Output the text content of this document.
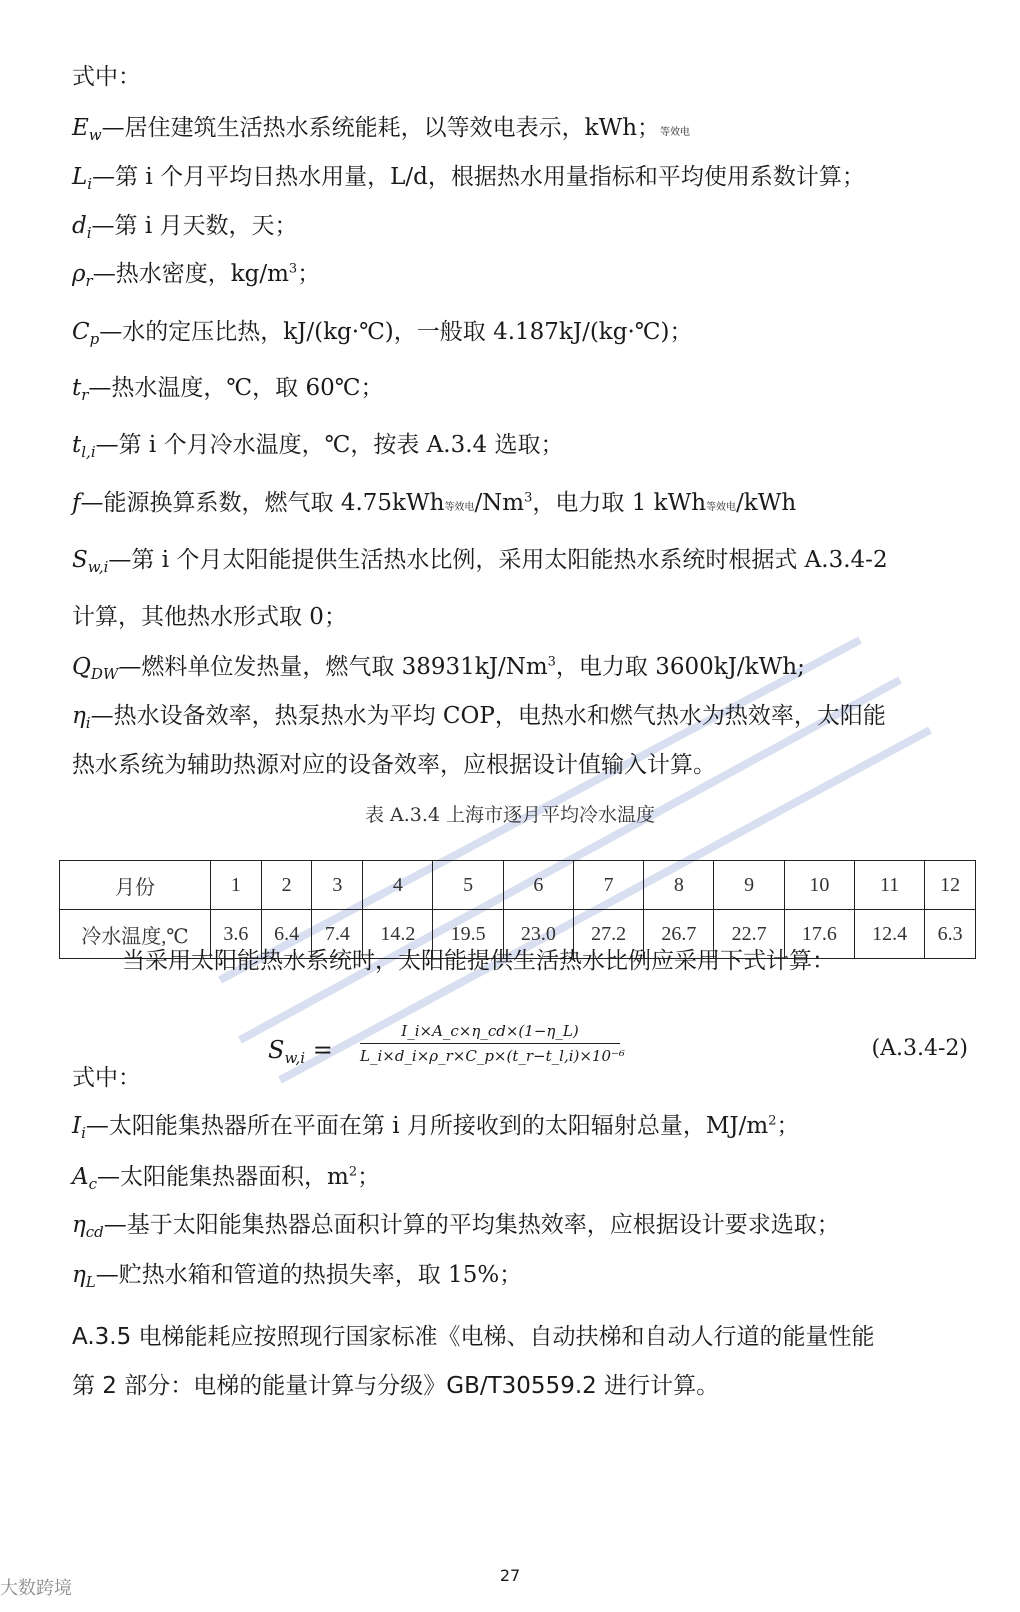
式中：
$E_w—$居住建筑生活热水系统能耗，以等效电表示，kWh；等效电
$L_i—$第 i 个月平均日热水用量，L/d，根据热水用量指标和平均使用系数计算；
$d_i—$第 i 月天数，天；
$\rho_r—$热水密度，$kg/m^3$；
$C_p—$水的定压比热，kJ/(kg·℃)，一般取 4.187kJ/(kg·℃)；
$t_r—$热水温度，℃，取 60℃；
$t_{l,i}—$第 i 个月冷水温度，℃，按表 A.3.4 选取；
f—能源换算系数，燃气取 4.75kWh等效电/Nm$^3$，电力取 1 kWh等效电/kWh
$S_{w,i}—$第 i 个月太阳能提供生活热水比例，采用太阳能热水系统时根据式 A.3.4-2
计算，其他热水形式取 0；
$Q_{DW}—$燃料单位发热量，燃气取 38931kJ/Nm$^3$，电力取 3600kJ/kWh;
$\eta_i—$热水设备效率，热泵热水为平均 COP，电热水和燃气热水为热效率，太阳能
热水系统为辅助热源对应的设备效率，应根据设计值输入计算。
表 A.3.4 上海市逐月平均冷水温度
月份	1	2	3	4	5	6	7	8	9	10	11	12
冷水温度,℃	3.6	6.4	7.4	14.2	19.5	23.0	27.2	26.7	22.7	17.6	12.4	6.3
当采用太阳能热水系统时，太阳能提供生活热水比例应采用下式计算：
$S_{w,i}$ =
I_i×A_c×η_cd×(1−η_L)
L_i×d_i×ρ_r×C_p×(t_r−t_l,i)×10⁻⁶	(A.3.4-2)
式中：
$I_i—$太阳能集热器所在平面在第 i 月所接收到的太阳辐射总量，$MJ/m^2$；
$A_c—$太阳能集热器面积，$m^2$；
$\eta_{cd}—$基于太阳能集热器总面积计算的平均集热效率，应根据设计要求选取；
$\eta_L—$贮热水箱和管道的热损失率，取 15%；
A.3.5 电梯能耗应按照现行国家标准《电梯、自动扶梯和自动人行道的能量性能
第 2 部分：电梯的能量计算与分级》GB/T30559.2 进行计算。
27
大数跨境
